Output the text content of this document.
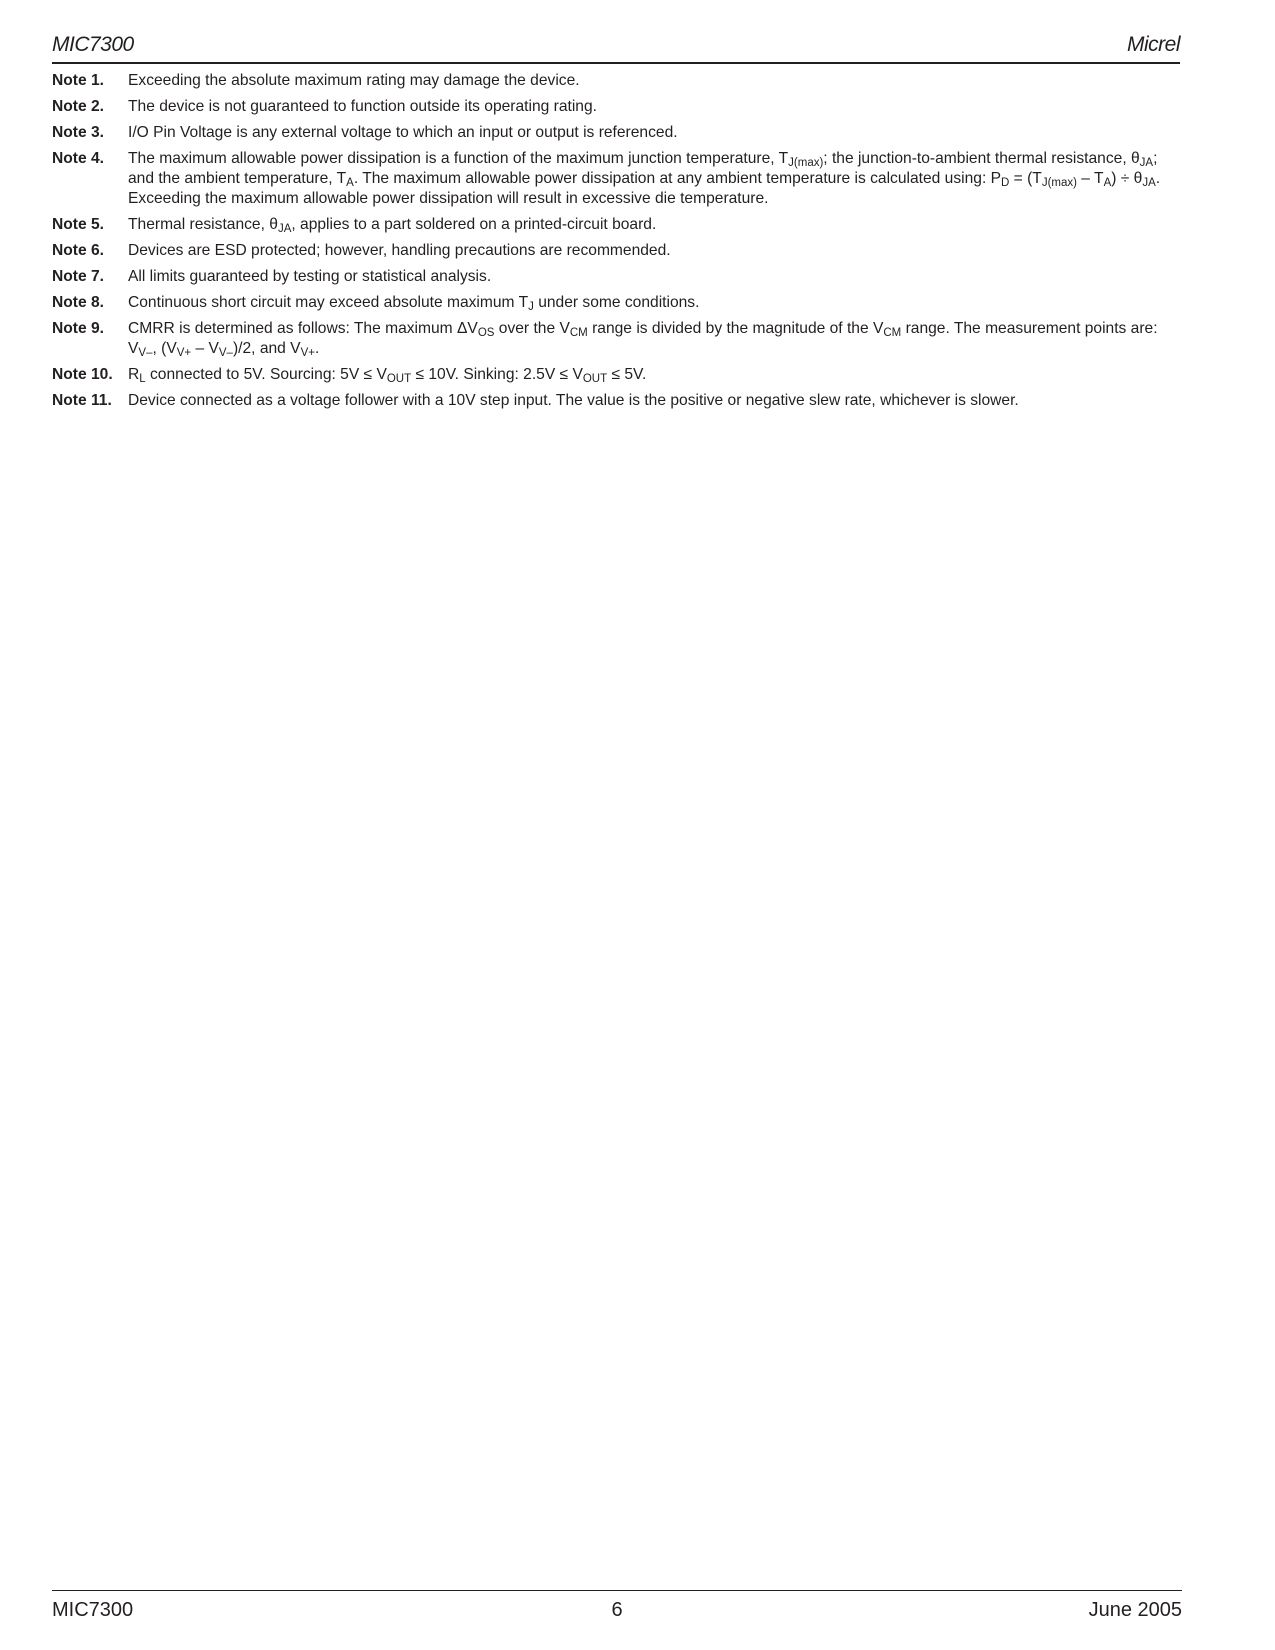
MIC7300	Micrel
Note 1.	Exceeding the absolute maximum rating may damage the device.
Note 2.	The device is not guaranteed to function outside its operating rating.
Note 3.	I/O Pin Voltage is any external voltage to which an input or output is referenced.
Note 4.	The maximum allowable power dissipation is a function of the maximum junction temperature, $T_{J(max)}$; the junction-to-ambient thermal resistance, $\theta_{JA}$; and the ambient temperature, $T_A$. The maximum allowable power dissipation at any ambient temperature is calculated using: $P_D = (T_{J(max)} - T_A) \div \theta_{JA}$. Exceeding the maximum allowable power dissipation will result in excessive die temperature.
Note 5.	Thermal resistance, $\theta_{JA}$, applies to a part soldered on a printed-circuit board.
Note 6.	Devices are ESD protected; however, handling precautions are recommended.
Note 7.	All limits guaranteed by testing or statistical analysis.
Note 8.	Continuous short circuit may exceed absolute maximum $T_J$ under some conditions.
Note 9.	CMRR is determined as follows: The maximum $\Delta V_{OS}$ over the $V_{CM}$ range is divided by the magnitude of the $V_{CM}$ range. The measurement points are: $V_{V-}$, $(V_{V+} - V_{V-})/2$, and $V_{V+}$.
Note 10. $R_L$ connected to 5V. Sourcing: $5V \le V_{OUT} \le 10V$. Sinking: $2.5V \le V_{OUT} \le 5V$.
Note 11.	Device connected as a voltage follower with a 10V step input. The value is the positive or negative slew rate, whichever is slower.
MIC7300	6	June 2005
